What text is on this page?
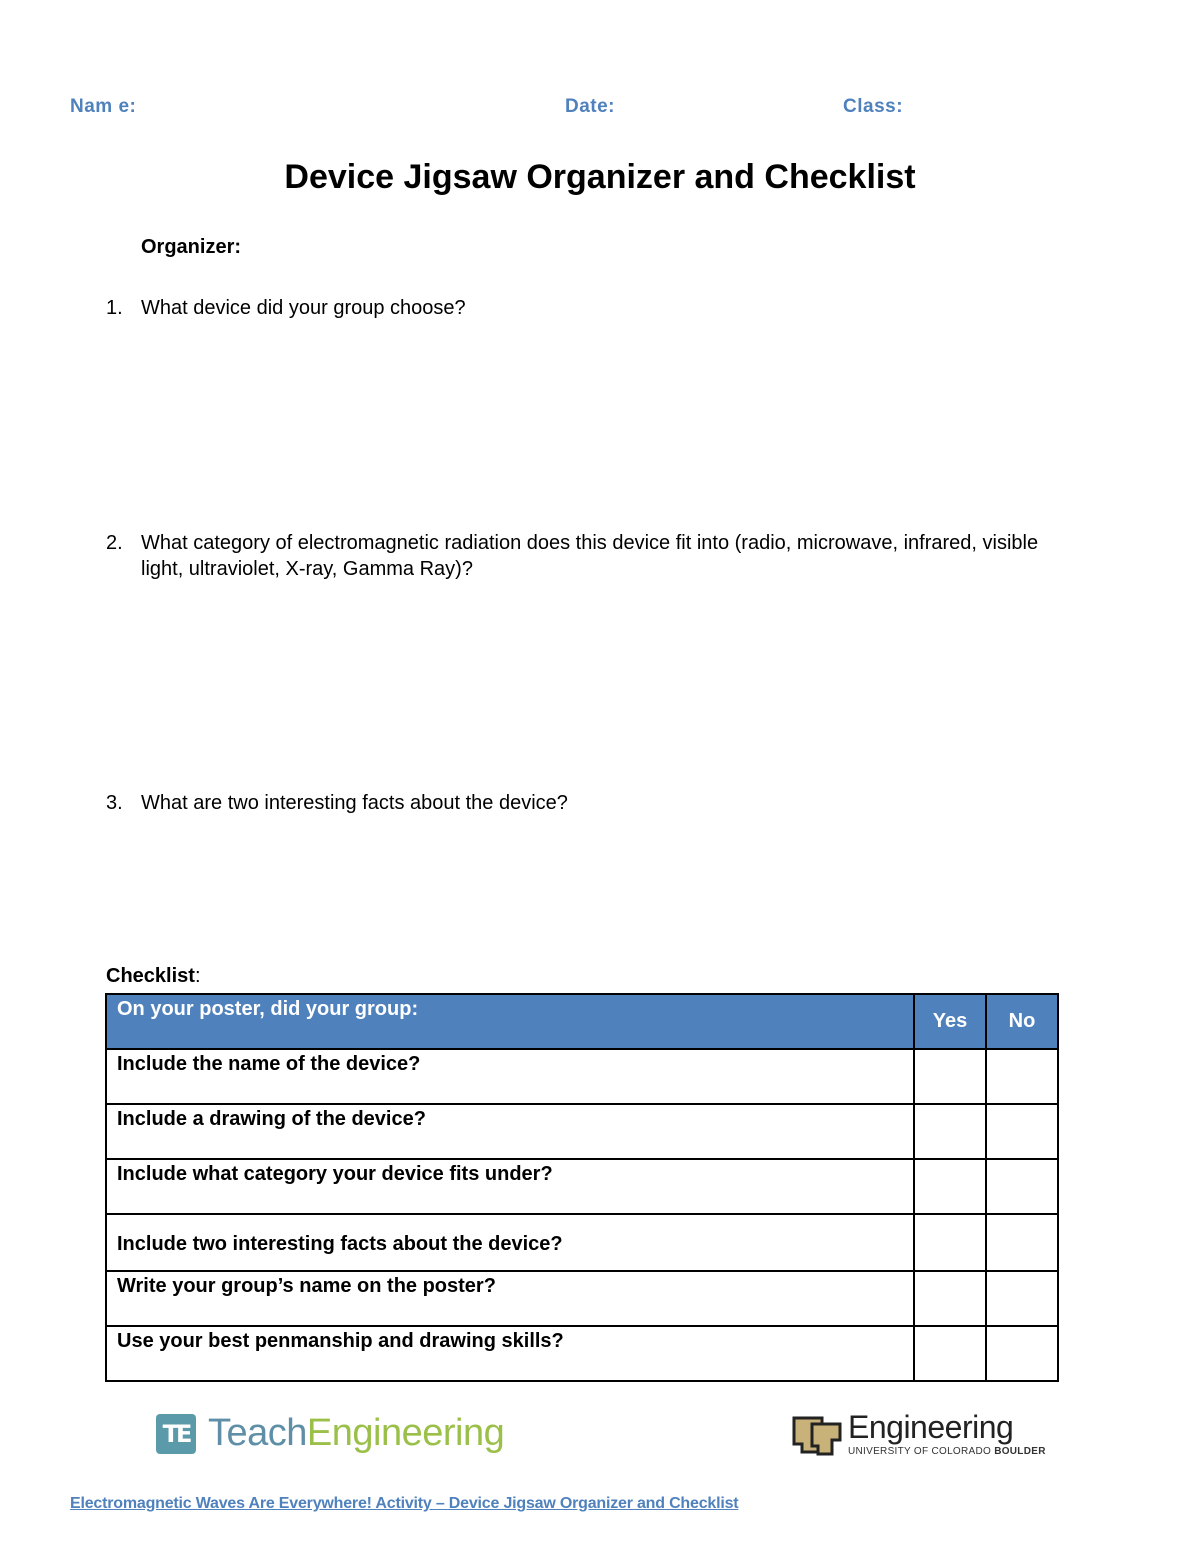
Nam e:	Date:	Class:
Device Jigsaw Organizer and Checklist
Organizer:
1. What device did your group choose?
2. What category of electromagnetic radiation does this device fit into (radio, microwave, infrared, visible light, ultraviolet, X-ray, Gamma Ray)?
3. What are two interesting facts about the device?
Checklist:
On your poster, did your group:	Yes	No
Include the name of the device?		
Include a drawing of the device?		
Include what category your device fits under?		
Include two interesting facts about the device?		
Write your group’s name on the poster?		
Use your best penmanship and drawing skills?		
TE TeachEngineering	Engineering
UNIVERSITY OF COLORADO BOULDER
Electromagnetic Waves Are Everywhere! Activity – Device Jigsaw Organizer and Checklist
